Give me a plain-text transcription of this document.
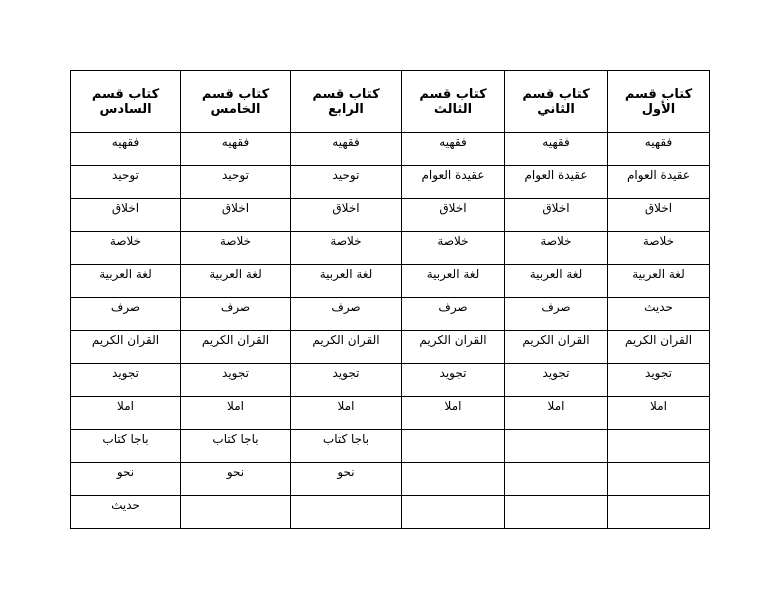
كتاب قسم الأول	كتاب قسم الثاني	كتاب قسم الثالث	كتاب قسم الرابع	كتاب قسم الخامس	كتاب قسم السادس
فقهيه	فقهيه	فقهيه	فقهيه	فقهيه	فقهيه
عقيدة العوام	عقيدة العوام	عقيدة العوام	توحيد	توحيد	توحيد
اخلاق	اخلاق	اخلاق	اخلاق	اخلاق	اخلاق
خلاصة	خلاصة	خلاصة	خلاصة	خلاصة	خلاصة
لغة العربية	لغة العربية	لغة العربية	لغة العربية	لغة العربية	لغة العربية
حديث	صرف	صرف	صرف	صرف	صرف
القران الكريم	القران الكريم	القران الكريم	القران الكريم	القران الكريم	القران الكريم
تجويد	تجويد	تجويد	تجويد	تجويد	تجويد
املا	املا	املا	املا	املا	املا
			باجا كتاب	باجا كتاب	باجا كتاب
			نحو	نحو	نحو
					حديث
